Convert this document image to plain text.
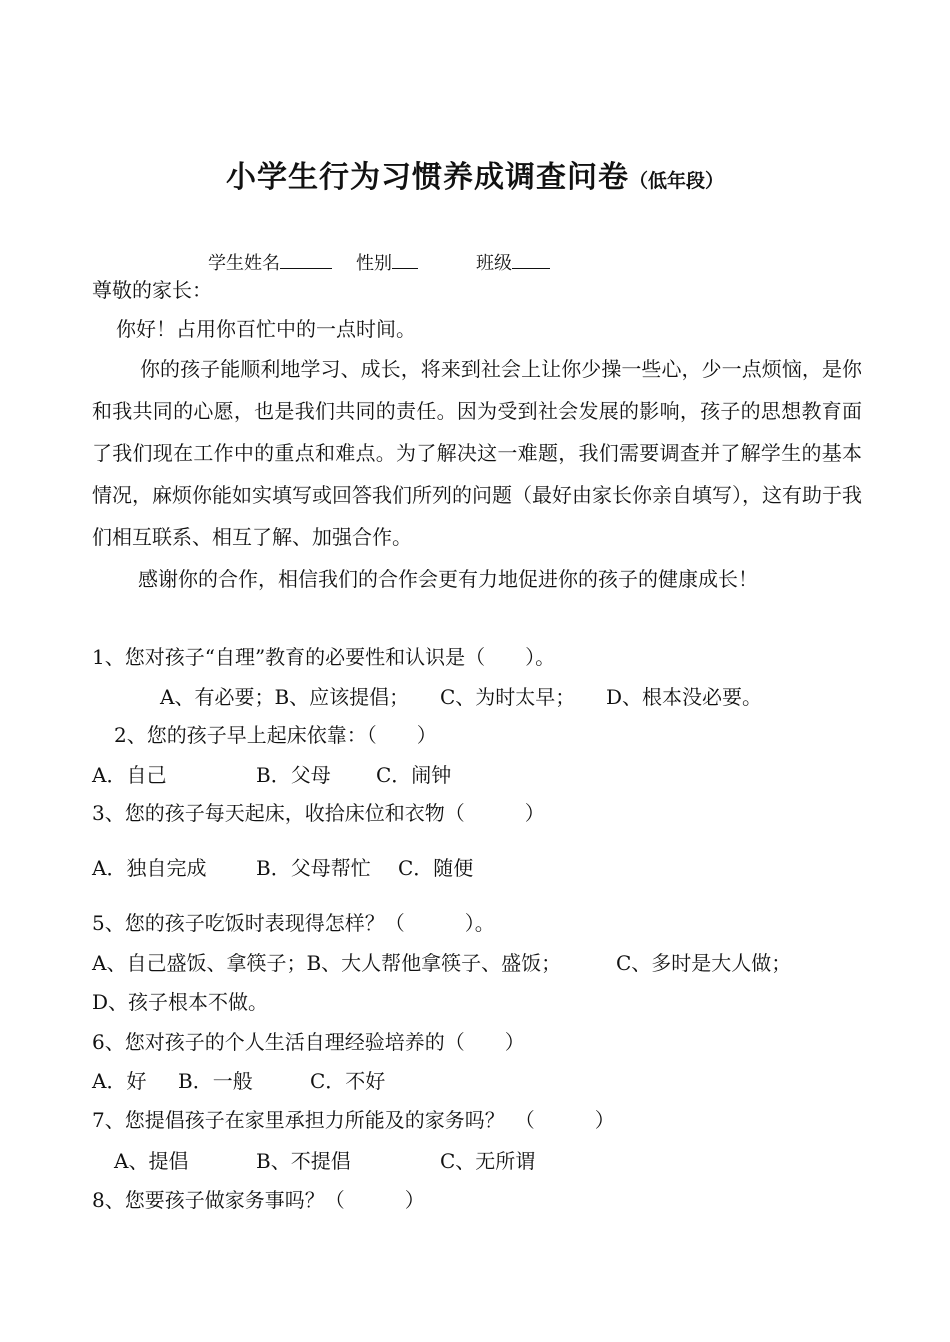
小学生行为习惯养成调查问卷（低年段）
学生姓名	性别	班级
尊敬的家长：
你好！占用你百忙中的一点时间。
你的孩子能顺利地学习、成长，将来到社会上让你少操一些心，少一点烦恼，是你和我共同的心愿，也是我们共同的责任。因为受到社会发展的影响，孩子的思想教育面了我们现在工作中的重点和难点。为了解决这一难题，我们需要调查并了解学生的基本情况，麻烦你能如实填写或回答我们所列的问题（最好由家长你亲自填写），这有助于我们相互联系、相互了解、加强合作。
感谢你的合作，相信我们的合作会更有力地促进你的孩子的健康成长！
1、您对孩子“自理”教育的必要性和认识是（　　）。
A、有必要；B、应该提倡； C、为时太早； D、根本没必要。
2、您的孩子早上起床依靠：（　　）
A．自己	B．父母 C．闹钟
3、您的孩子每天起床，收拾床位和衣物（　　　）
A．独自完成 B．父母帮忙 C．随便
5、您的孩子吃饭时表现得怎样？（　　　）。
A、自己盛饭、拿筷子；B、大人帮他拿筷子、盛饭；	C、多时是大人做；
D、孩子根本不做。
6、您对孩子的个人生活自理经验培养的（　　）
A．好 B．一般	C．不好
7、您提倡孩子在家里承担力所能及的家务吗？　（　　　）
A、提倡	B、不提倡	C、无所谓
8、您要孩子做家务事吗？（　　　）
